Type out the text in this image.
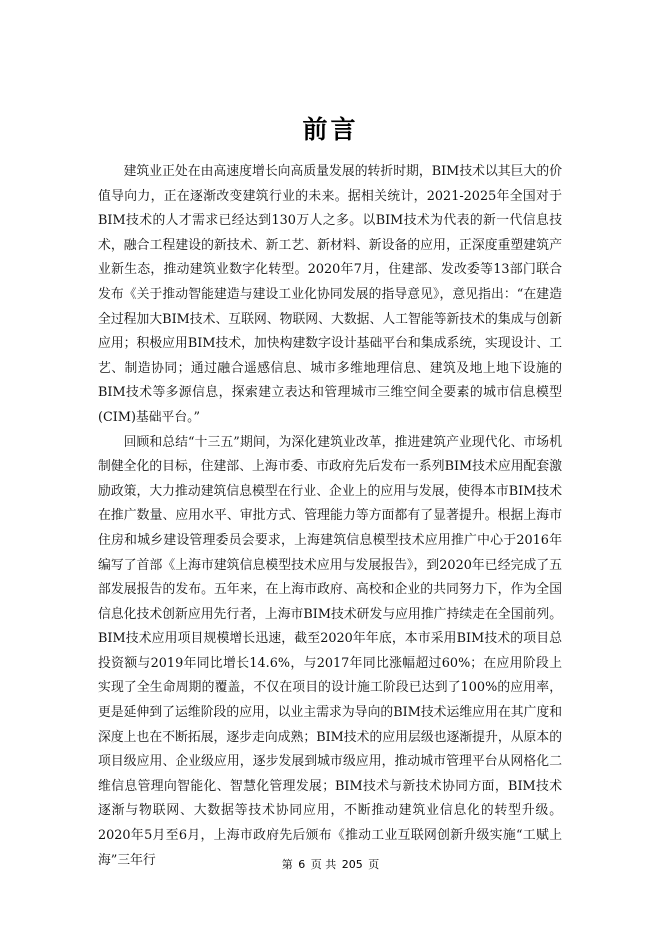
前言

建筑业正处在由高速度增长向高质量发展的转折时期，BIM技术以其巨大的价值导向力，正在逐渐改变建筑行业的未来。据相关统计，2021-2025年全国对于BIM技术的人才需求已经达到130万人之多。以BIM技术为代表的新一代信息技术，融合工程建设的新技术、新工艺、新材料、新设备的应用，正深度重塑建筑产业新生态，推动建筑业数字化转型。2020年7月，住建部、发改委等13部门联合发布《关于推动智能建造与建设工业化协同发展的指导意见》，意见指出：“在建造全过程加大BIM技术、互联网、物联网、大数据、人工智能等新技术的集成与创新应用；积极应用BIM技术，加快构建数字设计基础平台和集成系统，实现设计、工艺、制造协同；通过融合遥感信息、城市多维地理信息、建筑及地上地下设施的BIM技术等多源信息，探索建立表达和管理城市三维空间全要素的城市信息模型(CIM)基础平台。”

回顾和总结“十三五”期间，为深化建筑业改革，推进建筑产业现代化、市场机制健全化的目标，住建部、上海市委、市政府先后发布一系列BIM技术应用配套激励政策，大力推动建筑信息模型在行业、企业上的应用与发展，使得本市BIM技术在推广数量、应用水平、审批方式、管理能力等方面都有了显著提升。根据上海市住房和城乡建设管理委员会要求，上海建筑信息模型技术应用推广中心于2016年编写了首部《上海市建筑信息模型技术应用与发展报告》，到2020年已经完成了五部发展报告的发布。五年来，在上海市政府、高校和企业的共同努力下，作为全国信息化技术创新应用先行者，上海市BIM技术研发与应用推广持续走在全国前列。BIM技术应用项目规模增长迅速，截至2020年年底，本市采用BIM技术的项目总投资额与2019年同比增长14.6%，与2017年同比涨幅超过60%；在应用阶段上实现了全生命周期的覆盖，不仅在项目的设计施工阶段已达到了100%的应用率，更是延伸到了运维阶段的应用，以业主需求为导向的BIM技术运维应用在其广度和深度上也在不断拓展，逐步走向成熟；BIM技术的应用层级也逐渐提升，从原本的项目级应用、企业级应用，逐步发展到城市级应用，推动城市管理平台从网格化二维信息管理向智能化、智慧化管理发展；BIM技术与新技术协同方面，BIM技术逐渐与物联网、大数据等技术协同应用，不断推动建筑业信息化的转型升级。2020年5月至6月，上海市政府先后颁布《推动工业互联网创新升级实施“工赋上海”三年行	第 6 页 共 205 页
